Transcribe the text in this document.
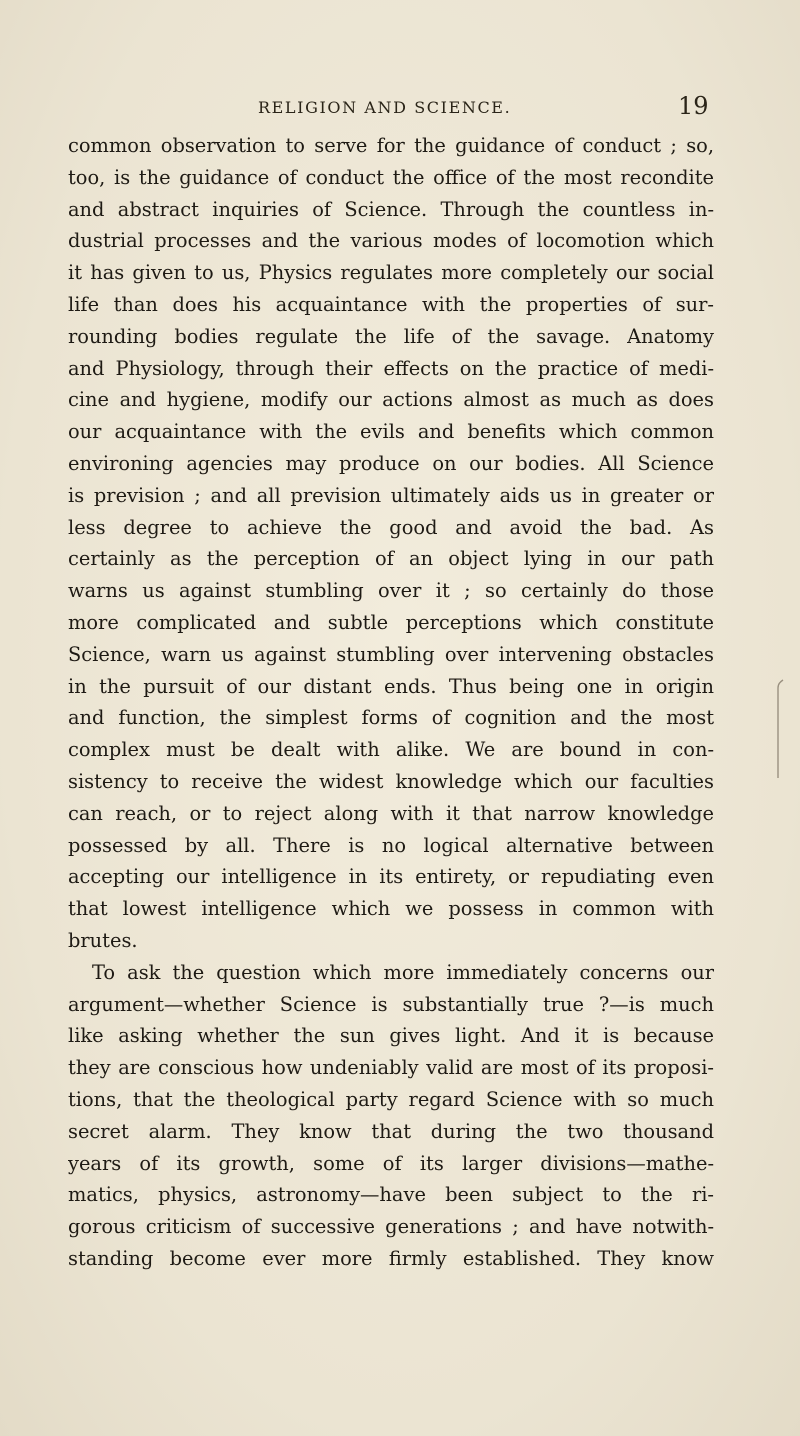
RELIGION AND SCIENCE.	19
common observation to serve for the guidance of conduct ; so,
too, is the guidance of conduct the office of the most recondite
and abstract inquiries of Science. Through the countless in-
dustrial processes and the various modes of locomotion which
it has given to us, Physics regulates more completely our social
life than does his acquaintance with the properties of sur-
rounding bodies regulate the life of the savage. Anatomy
and Physiology, through their effects on the practice of medi-
cine and hygiene, modify our actions almost as much as does
our acquaintance with the evils and benefits which common
environing agencies may produce on our bodies. All Science
is prevision ; and all prevision ultimately aids us in greater or
less degree to achieve the good and avoid the bad. As
certainly as the perception of an object lying in our path
warns us against stumbling over it ; so certainly do those
more complicated and subtle perceptions which constitute
Science, warn us against stumbling over intervening obstacles
in the pursuit of our distant ends. Thus being one in origin
and function, the simplest forms of cognition and the most
complex must be dealt with alike. We are bound in con-
sistency to receive the widest knowledge which our faculties
can reach, or to reject along with it that narrow knowledge
possessed by all. There is no logical alternative between
accepting our intelligence in its entirety, or repudiating even
that lowest intelligence which we possess in common with
brutes.
To ask the question which more immediately concerns our
argument—whether Science is substantially true ?—is much
like asking whether the sun gives light. And it is because
they are conscious how undeniably valid are most of its proposi-
tions, that the theological party regard Science with so much
secret alarm. They know that during the two thousand
years of its growth, some of its larger divisions—mathe-
matics, physics, astronomy—have been subject to the ri-
gorous criticism of successive generations ; and have notwith-
standing become ever more firmly established. They know
